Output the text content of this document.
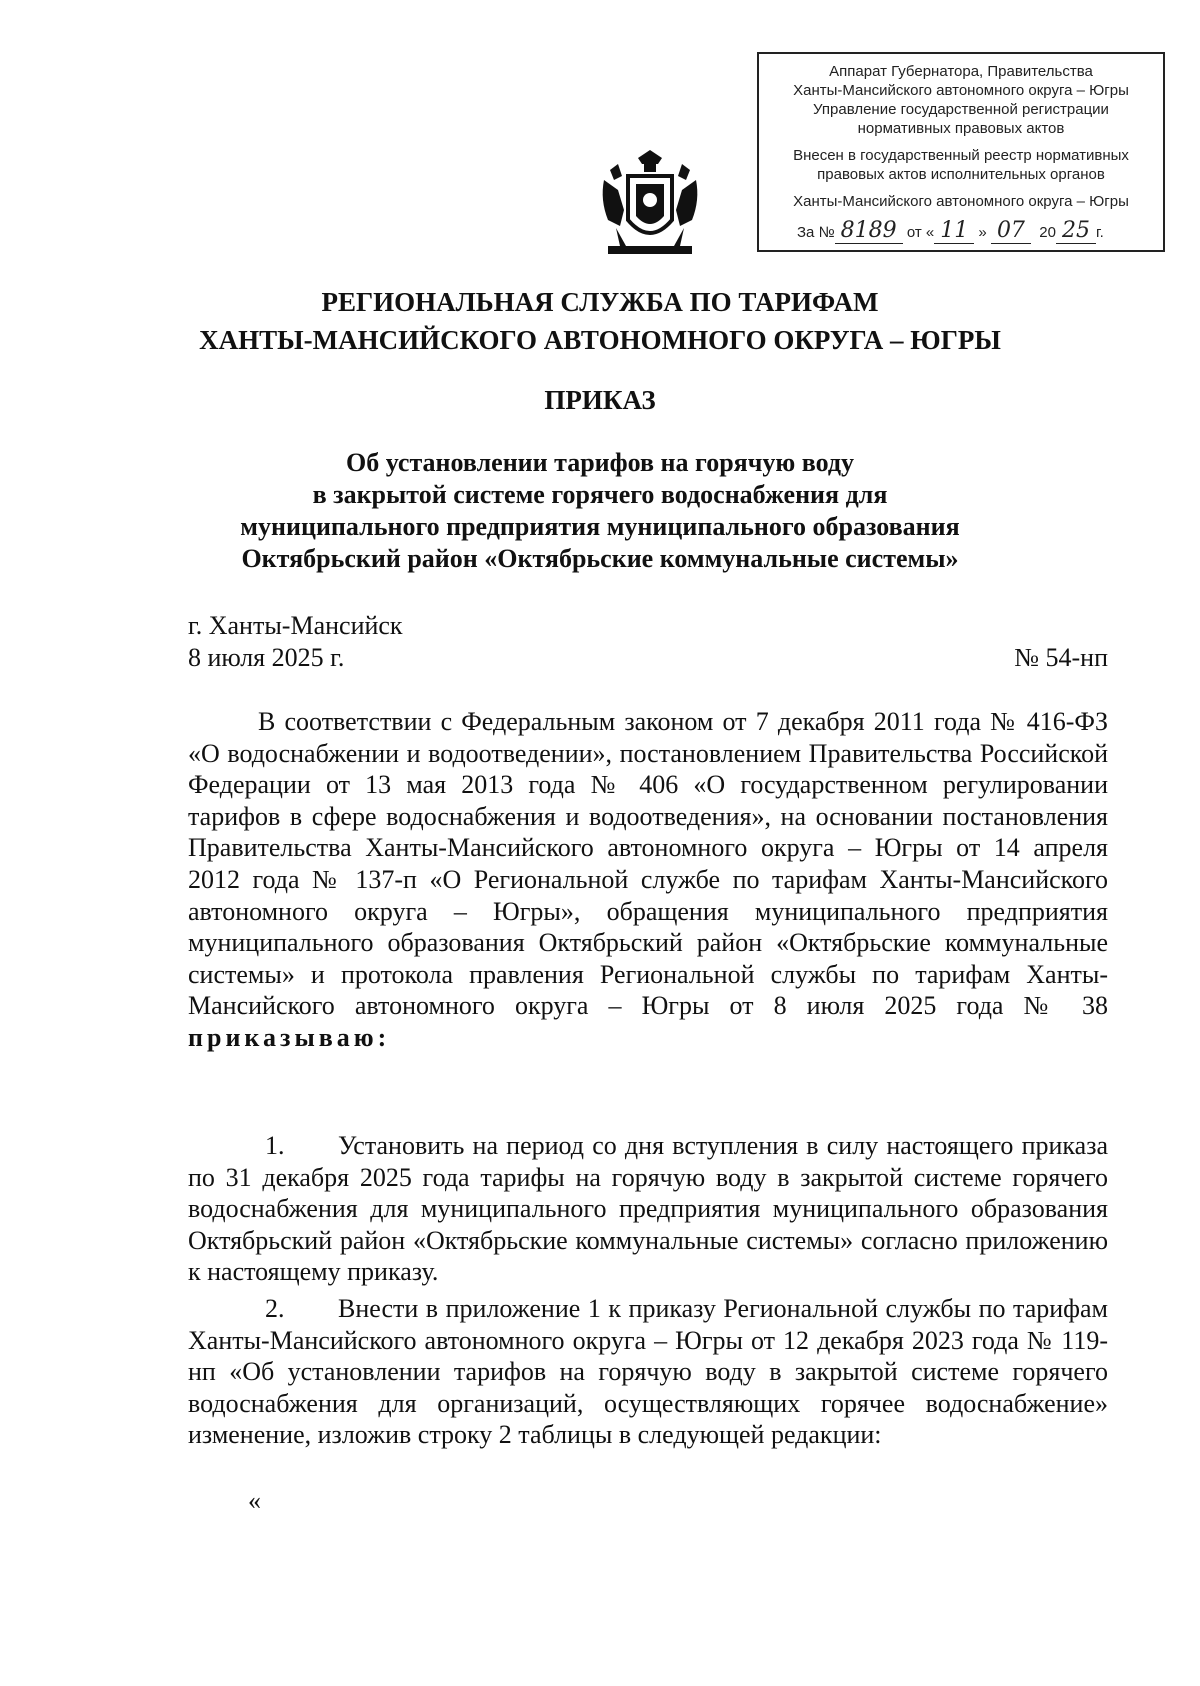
Аппарат Губернатора, Правительства
Ханты-Мансийского автономного округа – Югры
Управление государственной регистрации
нормативных правовых актов
Внесен в государственный реестр нормативных
правовых актов исполнительных органов
Ханты-Мансийского автономного округа – Югры
За № 8189 от « 11 » 07 20 25 г.
РЕГИОНАЛЬНАЯ СЛУЖБА ПО ТАРИФАМ
ХАНТЫ-МАНСИЙСКОГО АВТОНОМНОГО ОКРУГА – ЮГРЫ
ПРИКАЗ
Об установлении тарифов на горячую воду
в закрытой системе горячего водоснабжения для
муниципального предприятия муниципального образования
Октябрьский район «Октябрьские коммунальные системы»
г. Ханты-Мансийск
8 июля 2025 г.	№ 54-нп
В соответствии с Федеральным законом от 7 декабря 2011 года № 416-ФЗ «О водоснабжении и водоотведении», постановлением Правительства Российской Федерации от 13 мая 2013 года № 406 «О государственном регулировании тарифов в сфере водоснабжения и водоотведения», на основании постановления Правительства Ханты-Мансийского автономного округа – Югры от 14 апреля 2012 года № 137-п «О Региональной службе по тарифам Ханты-Мансийского автономного округа – Югры», обращения муниципального предприятия муниципального образования Октябрьский район «Октябрьские коммунальные системы» и протокола правления Региональной службы по тарифам Ханты-Мансийского автономного округа – Югры от 8 июля 2025 года № 38 приказываю:
1. Установить на период со дня вступления в силу настоящего приказа по 31 декабря 2025 года тарифы на горячую воду в закрытой системе горячего водоснабжения для муниципального предприятия муниципального образования Октябрьский район «Октябрьские коммунальные системы» согласно приложению к настоящему приказу.
2. Внести в приложение 1 к приказу Региональной службы по тарифам Ханты-Мансийского автономного округа – Югры от 12 декабря 2023 года № 119-нп «Об установлении тарифов на горячую воду в закрытой системе горячего водоснабжения для организаций, осуществляющих горячее водоснабжение» изменение, изложив строку 2 таблицы в следующей редакции:
«
